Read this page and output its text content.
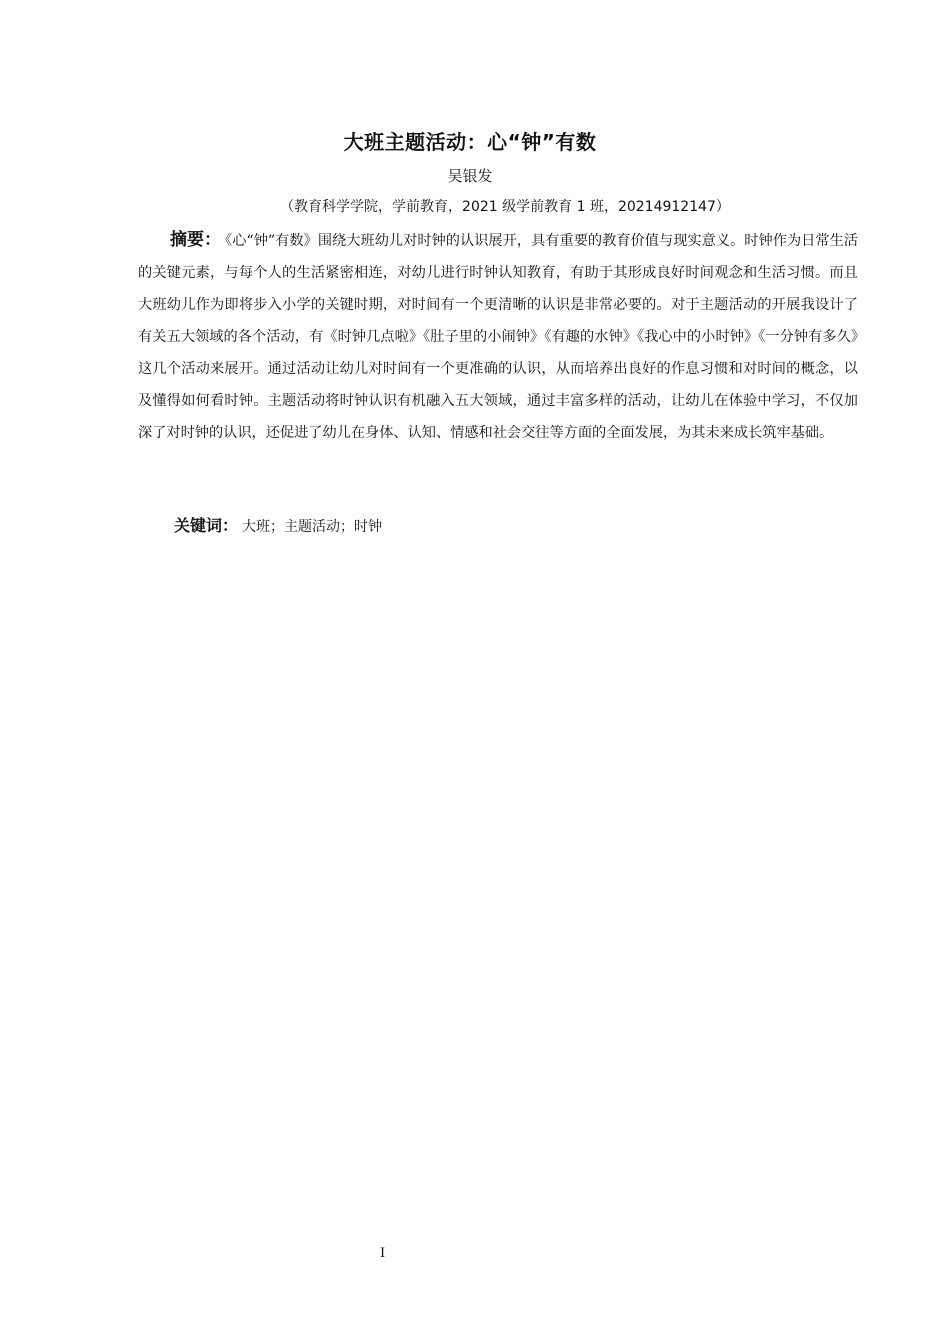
大班主题活动：心“钟”有数
吴银发
（教育科学学院，学前教育，2021 级学前教育 1 班，20214912147）

摘要： 《心“钟”有数》围绕大班幼儿对时钟的认识展开，具有重要的教育价值与现实意义。时钟作为日常生活的关键元素，与每个人的生活紧密相连，对幼儿进行时钟认知教育，有助于其形成良好时间观念和生活习惯。而且大班幼儿作为即将步入小学的关键时期，对时间有一个更清晰的认识是非常必要的。对于主题活动的开展我设计了有关五大领域的各个活动，有《时钟几点啦》《肚子里的小闹钟》《有趣的水钟》《我心中的小时钟》《一分钟有多久》这几个活动来展开。通过活动让幼儿对时间有一个更准确的认识，从而培养出良好的作息习惯和对时间的概念，以及懂得如何看时钟。主题活动将时钟认识有机融入五大领域，通过丰富多样的活动，让幼儿在体验中学习，不仅加深了对时钟的认识，还促进了幼儿在身体、认知、情感和社会交往等方面的全面发展，为其未来成长筑牢基础。

关键词： 大班；主题活动；时钟
I
